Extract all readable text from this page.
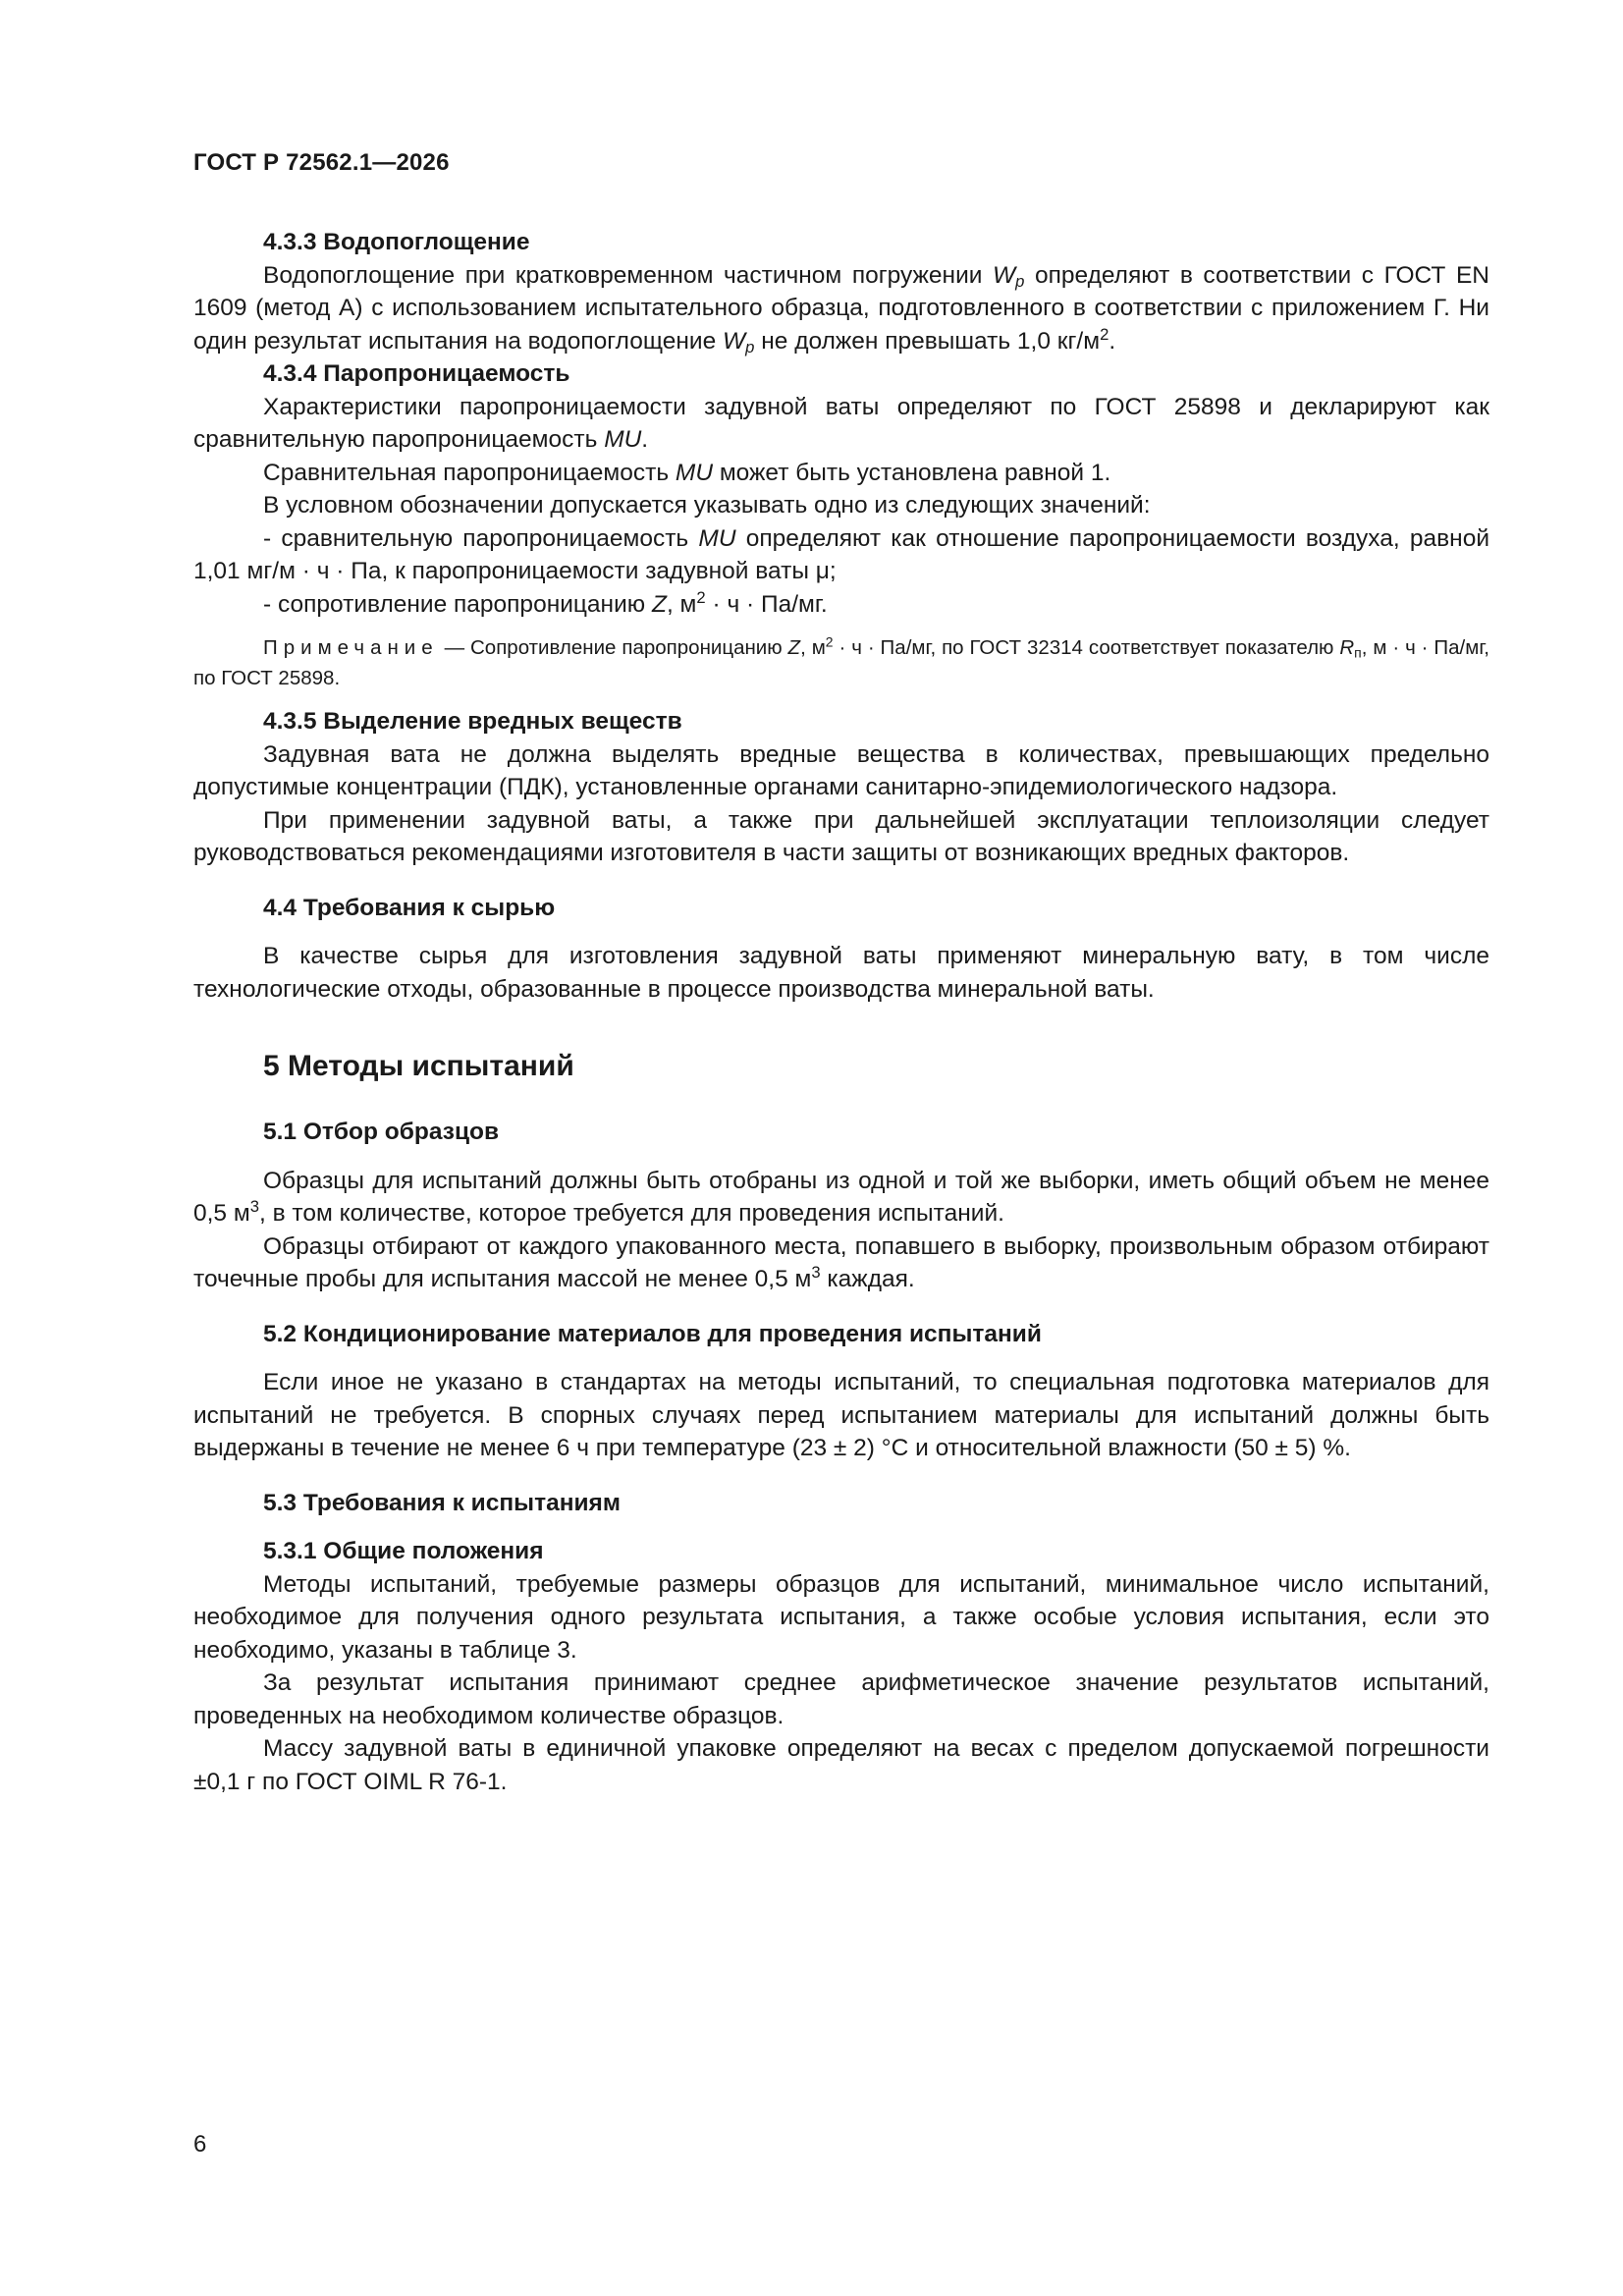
ГОСТ Р 72562.1—2026

4.3.3 Водопоглощение

Водопоглощение при кратковременном частичном погружении $W_p$ определяют в соответствии с ГОСТ EN 1609 (метод А) с использованием испытательного образца, подготовленного в соответствии с приложением Г. Ни один результат испытания на водопоглощение $W_p$ не должен превышать 1,0 $кг/м^2$.

4.3.4 Паропроницаемость

Характеристики паропроницаемости задувной ваты определяют по ГОСТ 25898 и декларируют как сравнительную паропроницаемость MU.

Сравнительная паропроницаемость MU может быть установлена равной 1.

В условном обозначении допускается указывать одно из следующих значений:

- сравнительную паропроницаемость MU определяют как отношение паропроницаемости воздуха, равной 1,01 мг/м · ч · Па, к паропроницаемости задувной ваты μ;

- сопротивление паропроницанию Z, $м^2 \cdot ч \cdot Па/мг$.

Примечание — Сопротивление паропроницанию Z, $м^2 \cdot ч \cdot Па/мг$, по ГОСТ 32314 соответствует показателю $R_п$, м · ч · Па/мг, по ГОСТ 25898.

4.3.5 Выделение вредных веществ

Задувная вата не должна выделять вредные вещества в количествах, превышающих предельно допустимые концентрации (ПДК), установленные органами санитарно-эпидемиологического надзора.

При применении задувной ваты, а также при дальнейшей эксплуатации теплоизоляции следует руководствоваться рекомендациями изготовителя в части защиты от возникающих вредных факторов.

4.4 Требования к сырью

В качестве сырья для изготовления задувной ваты применяют минеральную вату, в том числе технологические отходы, образованные в процессе производства минеральной ваты.

5 Методы испытаний

5.1 Отбор образцов

Образцы для испытаний должны быть отобраны из одной и той же выборки, иметь общий объем не менее 0,5 $м^3$, в том количестве, которое требуется для проведения испытаний.

Образцы отбирают от каждого упакованного места, попавшего в выборку, произвольным образом отбирают точечные пробы для испытания массой не менее 0,5 $м^3$ каждая.

5.2 Кондиционирование материалов для проведения испытаний

Если иное не указано в стандартах на методы испытаний, то специальная подготовка материалов для испытаний не требуется. В спорных случаях перед испытанием материалы для испытаний должны быть выдержаны в течение не менее 6 ч при температуре (23 ± 2) °С и относительной влажности (50 ± 5) %.

5.3 Требования к испытаниям

5.3.1 Общие положения

Методы испытаний, требуемые размеры образцов для испытаний, минимальное число испытаний, необходимое для получения одного результата испытания, а также особые условия испытания, если это необходимо, указаны в таблице 3.

За результат испытания принимают среднее арифметическое значение результатов испытаний, проведенных на необходимом количестве образцов.

Массу задувной ваты в единичной упаковке определяют на весах с пределом допускаемой погрешности ±0,1 г по ГОСТ OIML R 76-1.

6
